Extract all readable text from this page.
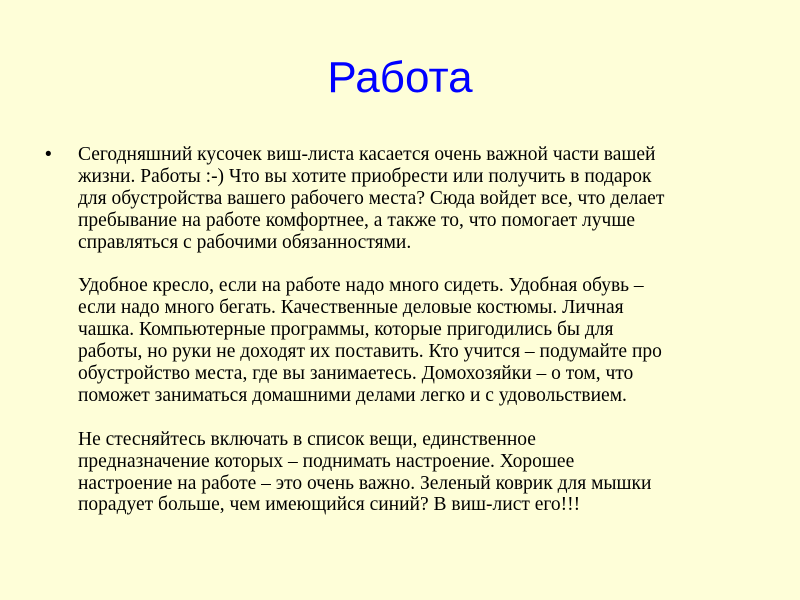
Работа
• Сегодняшний кусочек виш-листа касается очень важной части вашей
жизни. Работы :-) Что вы хотите приобрести или получить в подарок
для обустройства вашего рабочего места? Сюда войдет все, что делает
пребывание на работе комфортнее, а также то, что помогает лучше
справляться с рабочими обязанностями.

Удобное кресло, если на работе надо много сидеть. Удобная обувь –
если надо много бегать. Качественные деловые костюмы. Личная
чашка. Компьютерные программы, которые пригодились бы для
работы, но руки не доходят их поставить. Кто учится – подумайте про
обустройство места, где вы занимаетесь. Домохозяйки – о том, что
поможет заниматься домашними делами легко и с удовольствием.

Не стесняйтесь включать в список вещи, единственное
предназначение которых – поднимать настроение. Хорошее
настроение на работе – это очень важно. Зеленый коврик для мышки
порадует больше, чем имеющийся синий? В виш-лист его!!!
